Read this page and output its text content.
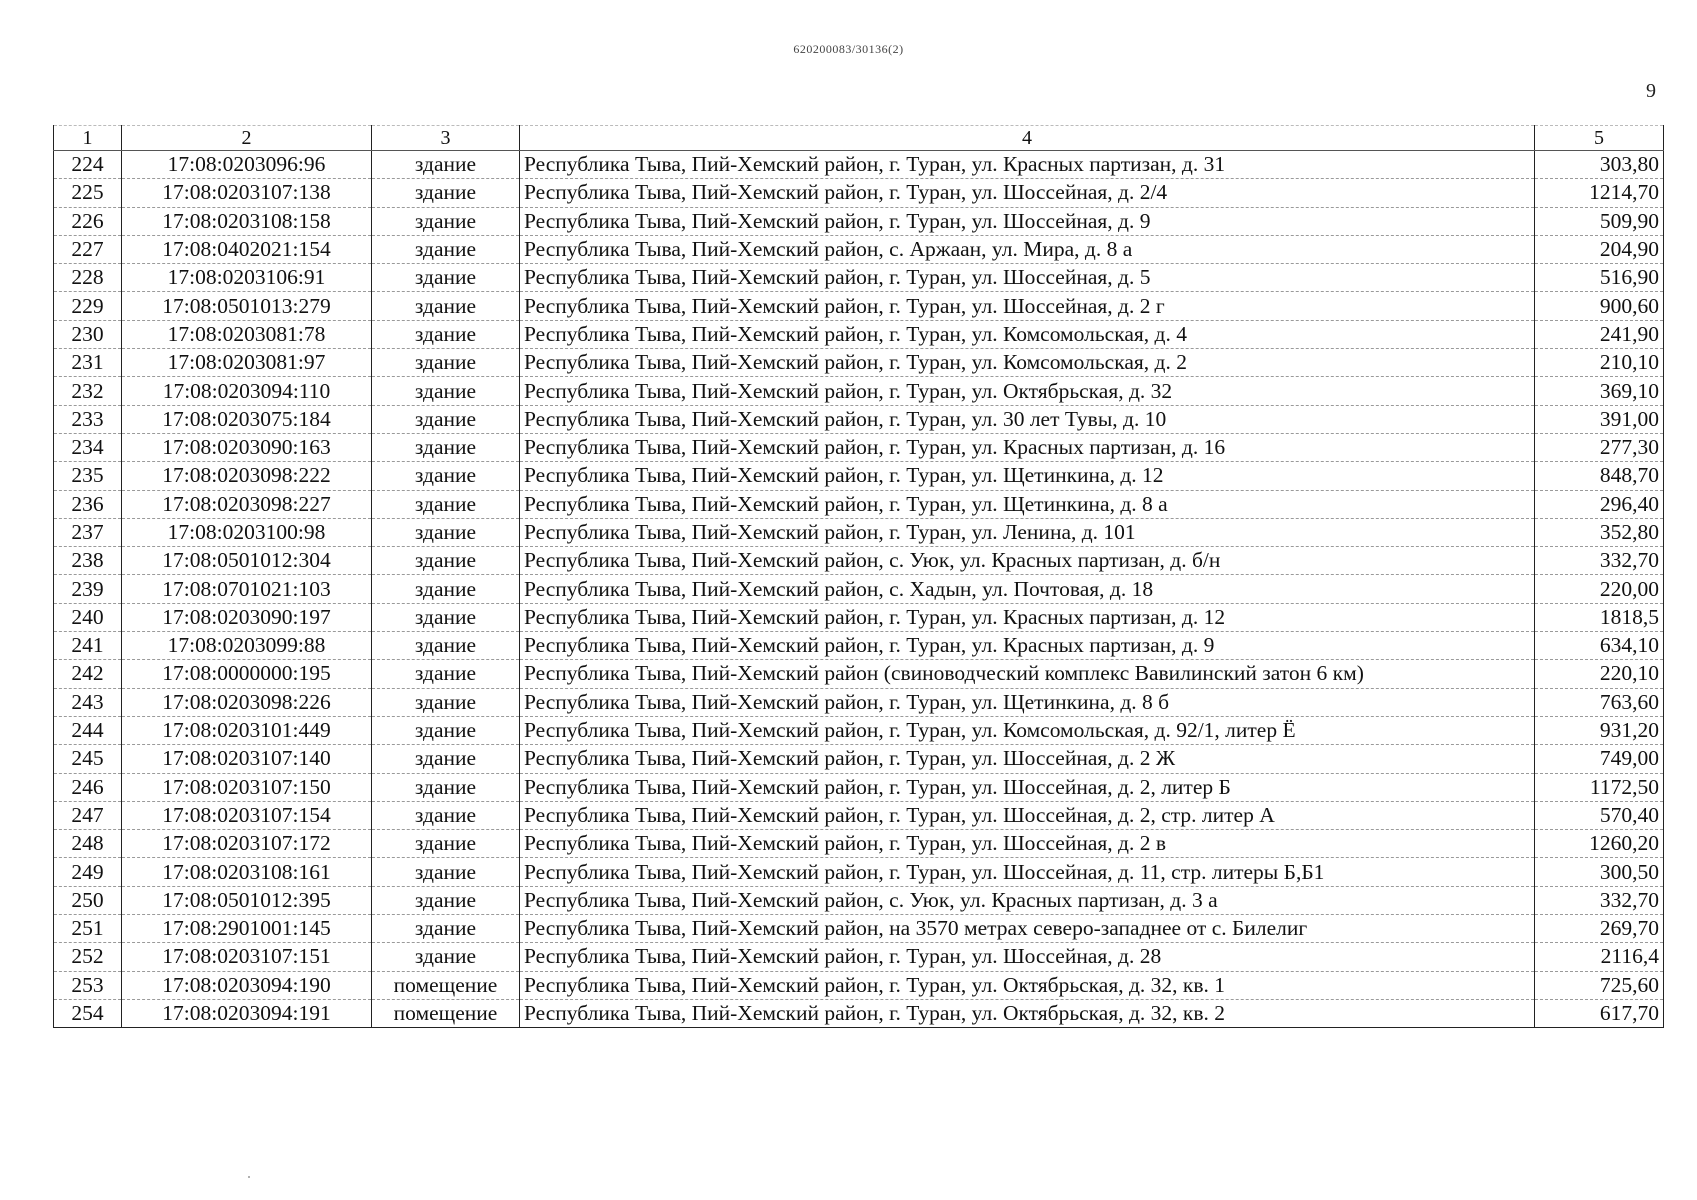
620200083/30136(2)
9
1	2	3	4	5
224	17:08:0203096:96	здание	Республика Тыва, Пий-Хемский район, г. Туран, ул. Красных партизан, д. 31	303,80
225	17:08:0203107:138	здание	Республика Тыва, Пий-Хемский район, г. Туран, ул. Шоссейная, д. 2/4	1214,70
226	17:08:0203108:158	здание	Республика Тыва, Пий-Хемский район, г. Туран, ул. Шоссейная, д. 9	509,90
227	17:08:0402021:154	здание	Республика Тыва, Пий-Хемский район, с. Аржаан, ул. Мира, д. 8 а	204,90
228	17:08:0203106:91	здание	Республика Тыва, Пий-Хемский район, г. Туран, ул. Шоссейная, д. 5	516,90
229	17:08:0501013:279	здание	Республика Тыва, Пий-Хемский район, г. Туран, ул. Шоссейная, д. 2 г	900,60
230	17:08:0203081:78	здание	Республика Тыва, Пий-Хемский район, г. Туран, ул. Комсомольская, д. 4	241,90
231	17:08:0203081:97	здание	Республика Тыва, Пий-Хемский район, г. Туран, ул. Комсомольская, д. 2	210,10
232	17:08:0203094:110	здание	Республика Тыва, Пий-Хемский район, г. Туран, ул. Октябрьская, д. 32	369,10
233	17:08:0203075:184	здание	Республика Тыва, Пий-Хемский район, г. Туран, ул. 30 лет Тувы, д. 10	391,00
234	17:08:0203090:163	здание	Республика Тыва, Пий-Хемский район, г. Туран, ул. Красных партизан, д. 16	277,30
235	17:08:0203098:222	здание	Республика Тыва, Пий-Хемский район, г. Туран, ул. Щетинкина, д. 12	848,70
236	17:08:0203098:227	здание	Республика Тыва, Пий-Хемский район, г. Туран, ул. Щетинкина, д. 8 а	296,40
237	17:08:0203100:98	здание	Республика Тыва, Пий-Хемский район, г. Туран, ул. Ленина, д. 101	352,80
238	17:08:0501012:304	здание	Республика Тыва, Пий-Хемский район, с. Уюк, ул. Красных партизан, д. б/н	332,70
239	17:08:0701021:103	здание	Республика Тыва, Пий-Хемский район, с. Хадын, ул. Почтовая, д. 18	220,00
240	17:08:0203090:197	здание	Республика Тыва, Пий-Хемский район, г. Туран, ул. Красных партизан, д. 12	1818,5
241	17:08:0203099:88	здание	Республика Тыва, Пий-Хемский район, г. Туран, ул. Красных партизан, д. 9	634,10
242	17:08:0000000:195	здание	Республика Тыва, Пий-Хемский район (свиноводческий комплекс Вавилинский затон 6 км)	220,10
243	17:08:0203098:226	здание	Республика Тыва, Пий-Хемский район, г. Туран, ул. Щетинкина, д. 8 б	763,60
244	17:08:0203101:449	здание	Республика Тыва, Пий-Хемский район, г. Туран, ул. Комсомольская, д. 92/1, литер Ё	931,20
245	17:08:0203107:140	здание	Республика Тыва, Пий-Хемский район, г. Туран, ул. Шоссейная, д. 2 Ж	749,00
246	17:08:0203107:150	здание	Республика Тыва, Пий-Хемский район, г. Туран, ул. Шоссейная, д. 2, литер Б	1172,50
247	17:08:0203107:154	здание	Республика Тыва, Пий-Хемский район, г. Туран, ул. Шоссейная, д. 2, стр. литер А	570,40
248	17:08:0203107:172	здание	Республика Тыва, Пий-Хемский район, г. Туран, ул. Шоссейная, д. 2 в	1260,20
249	17:08:0203108:161	здание	Республика Тыва, Пий-Хемский район, г. Туран, ул. Шоссейная, д. 11, стр. литеры Б,Б1	300,50
250	17:08:0501012:395	здание	Республика Тыва, Пий-Хемский район, с. Уюк, ул. Красных партизан, д. 3 а	332,70
251	17:08:2901001:145	здание	Республика Тыва, Пий-Хемский район, на 3570 метрах северо-западнее от с. Билелиг	269,70
252	17:08:0203107:151	здание	Республика Тыва, Пий-Хемский район, г. Туран, ул. Шоссейная, д. 28	2116,4
253	17:08:0203094:190	помещение	Республика Тыва, Пий-Хемский район, г. Туран, ул. Октябрьская, д. 32, кв. 1	725,60
254	17:08:0203094:191	помещение	Республика Тыва, Пий-Хемский район, г. Туран, ул. Октябрьская, д. 32, кв. 2	617,70
